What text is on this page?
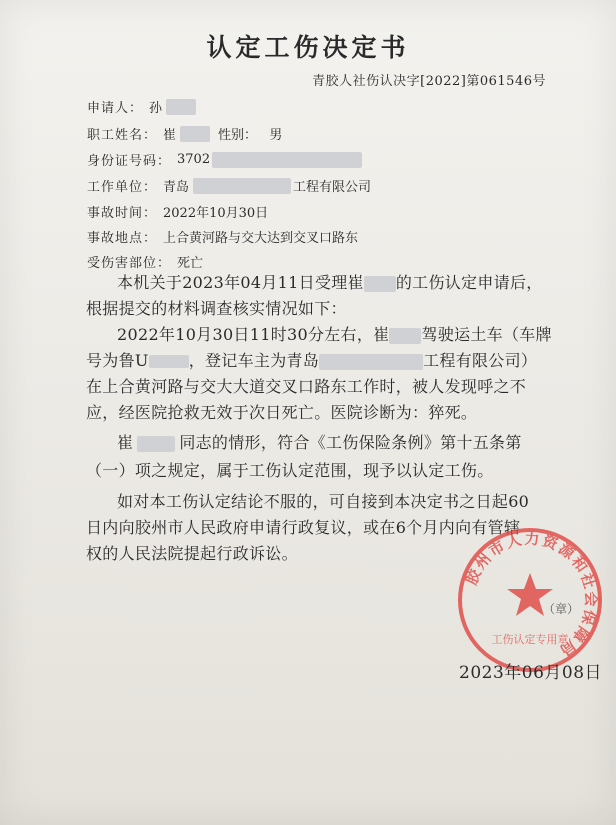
认定工伤决定书
青胶人社伤认决字[2022]第061546号
申请人： 孙
职工姓名： 崔	性别：   男
身份证号码： 3702
工作单位： 青岛	工程有限公司
事故时间： 2022年10月30日
事故地点： 上合黄河路与交大达到交叉口路东
受伤害部位： 死亡
本机关于2023年04月11日受理崔 的工伤认定申请后，
根据提交的材料调查核实情况如下：
2022年10月30日11时30分左右，崔 驾驶运土车（车牌
号为鲁U	，登记车主为青岛	工程有限公司）
在上合黄河路与交大大道交叉口路东工作时，被人发现呼之不
应，经医院抢救无效于次日死亡。医院诊断为：猝死。
崔	同志的情形，符合《工伤保险条例》第十五条第
（一）项之规定，属于工伤认定范围，现予以认定工伤。
如对本工伤认定结论不服的，可自接到本决定书之日起60
日内向胶州市人民政府申请行政复议，或在6个月内向有管辖
权的人民法院提起行政诉讼。
胶州市人力资源和社会保障局
工伤认定专用章
（章）
2023年06月08日
